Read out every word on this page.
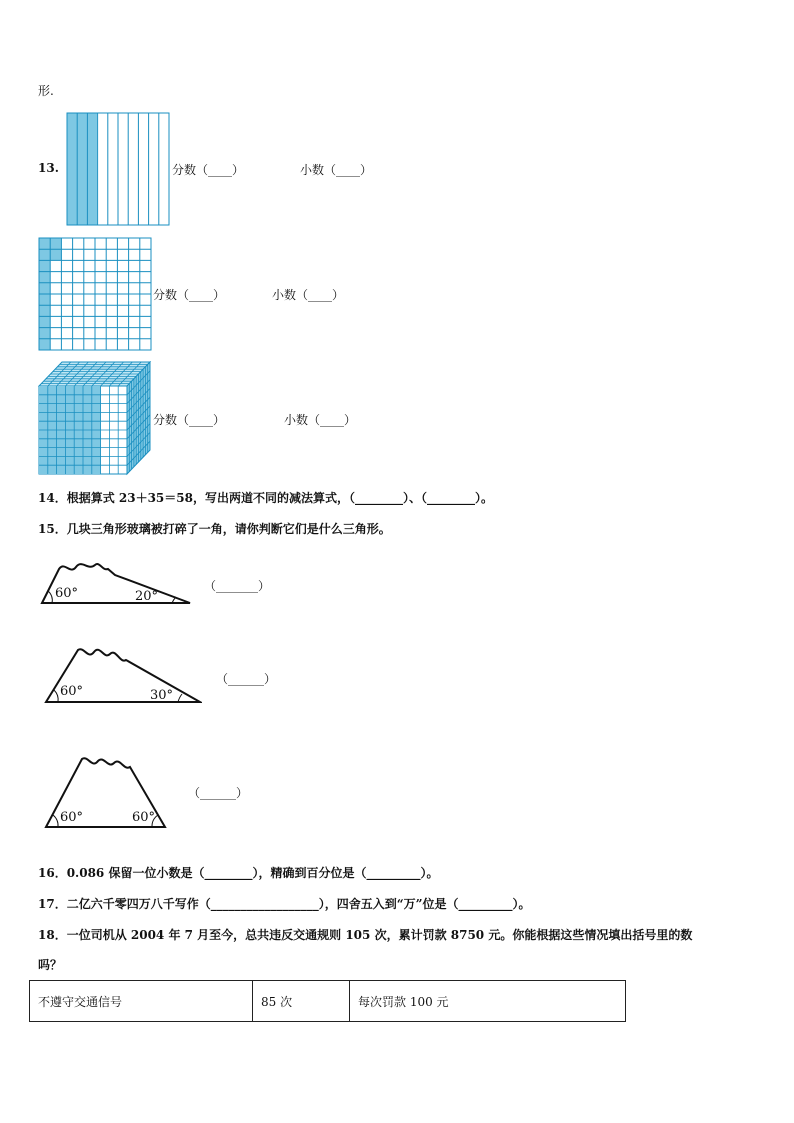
形.
13.	分数（____）	小数（____）
分数（____）	小数（____）
分数（____）	小数（____）
14．根据算式 23＋35＝58，写出两道不同的减法算式，（________）、（________）。
15．几块三角形玻璃被打碎了一角，请你判断它们是什么三角形。
60°	20°
（_______）
60°	30°
（______）
60°	60°
（______）
16．0.086 保留一位小数是（________），精确到百分位是（_________）。
17．二亿六千零四万八千写作（__________________），四舍五入到“万”位是（_________）。
18．一位司机从 2004 年 7 月至今，总共违反交通规则 105 次，累计罚款 8750 元。你能根据这些情况填出括号里的数
吗？
不遵守交通信号	85 次	每次罚款 100 元
